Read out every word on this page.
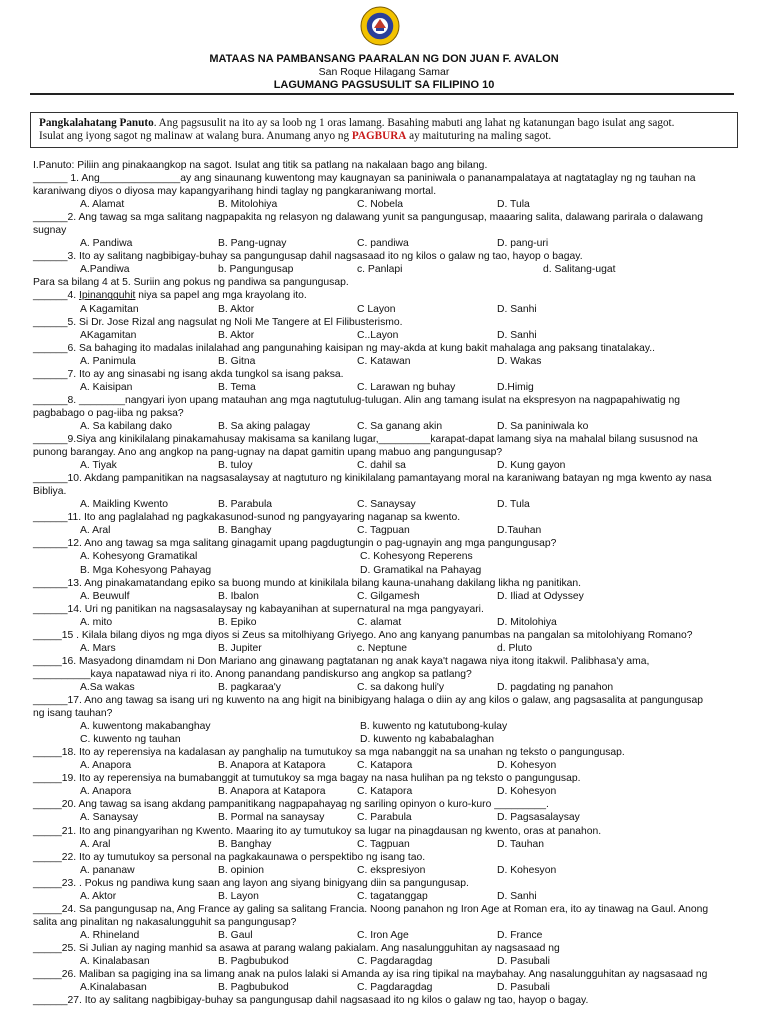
MATAAS NA PAMBANSANG PAARALAN NG DON JUAN F. AVALON
San Roque Hilagang Samar
LAGUMANG PAGSUSULIT SA FILIPINO 10
Pangkalahatang Panuto. Ang pagsusulit na ito ay sa loob ng 1 oras lamang. Basahing mabuti ang lahat ng katanungan bago isulat ang sagot.
Isulat ang iyong sagot ng malinaw at walang bura. Anumang anyo ng PAGBURA ay maituturing na maling sagot.
I.Panuto: Piliin ang pinakaangkop na sagot. Isulat ang titik sa patlang na nakalaan bago ang bilang.
______ 1. Ang______________ay ang sinaunang kuwentong may kaugnayan sa paniniwala o pananampalataya at nagtataglay ng ng tauhan na
karaniwang diyos o diyosa may kapangyarihang hindi taglay ng pangkaraniwang mortal.
A. Alamat	B. Mitolohiya	C. Nobela	D. Tula
______2. Ang tawag sa mga salitang nagpapakita ng relasyon ng dalawang yunit sa pangungusap, maaaring salita, dalawang parirala o dalawang
sugnay
A. Pandiwa	B. Pang-ugnay	C. pandiwa	D. pang-uri
______3. Ito ay salitang nagbibigay-buhay sa pangungusap dahil nagsasaad ito ng kilos o galaw ng tao, hayop o bagay.
A.Pandiwa	b. Pangungusap	c. Panlapi	d. Salitang-ugat
Para sa bilang 4 at 5. Suriin ang pokus ng pandiwa sa pangungusap.
______4. Ipinangguhit niya sa papel ang mga krayolang ito.
A Kagamitan	B. Aktor	C Layon	D. Sanhi
______5. Si Dr. Jose Rizal ang nagsulat ng Noli Me Tangere at El Filibusterismo.
AKagamitan	B. Aktor	C..Layon	D. Sanhi
______6. Sa bahaging ito madalas inilalahad ang pangunahing kaisipan ng may-akda at kung bakit mahalaga ang paksang tinatalakay..
A. Panimula	B. Gitna	C. Katawan	D. Wakas
______7. Ito ay ang sinasabi ng isang akda tungkol sa isang paksa.
A. Kaisipan	B. Tema	C. Larawan ng buhay	D.Himig
______8. ________nangyari iyon upang matauhan ang mga nagtutulug-tulugan. Alin ang tamang isulat na ekspresyon na nagpapahiwatig ng
pagbabago o pag-iiba ng paksa?
A. Sa kabilang dako	B. Sa aking palagay	C. Sa ganang akin	D. Sa paniniwala ko
______9.Siya ang kinikilalang pinakamahusay makisama sa kanilang lugar,_________karapat-dapat lamang siya na mahalal bilang sususnod na
punong barangay. Ano ang angkop na pang-ugnay na dapat gamitin upang mabuo ang pangungusap?
A. Tiyak	B. tuloy	C. dahil sa	D. Kung gayon
______10. Akdang pampanitikan na nagsasalaysay at nagtuturo ng kinikilalang pamantayang moral na karaniwang batayan ng mga kwento ay nasa
Bibliya.
A. Maikling Kwento	B. Parabula	C. Sanaysay	D. Tula
______11. Ito ang paglalahad ng pagkakasunod-sunod ng pangyayaring naganap sa kwento.
A. Aral	B. Banghay	C. Tagpuan	D.Tauhan
______12. Ano ang tawag sa mga salitang ginagamit upang pagdugtungin o pag-ugnayin ang mga pangungusap?
A. Kohesyong Gramatikal	C. Kohesyong Reperens
B. Mga Kohesyong Pahayag	D. Gramatikal na Pahayag
______13. Ang pinakamatandang epiko sa buong mundo at kinikilala bilang kauna-unahang dakilang likha ng panitikan.
A. Beuwulf	B. Ibalon	C. Gilgamesh	D. Iliad at Odyssey
______14. Uri ng panitikan na nagsasalaysay ng kabayanihan at supernatural na mga pangyayari.
A. mito	B. Epiko	C. alamat	D. Mitolohiya
_____15 . Kilala bilang diyos ng mga diyos si Zeus sa mitolhiyang Griyego. Ano ang kanyang panumbas na pangalan sa mitolohiyang Romano?
A. Mars	B. Jupiter	c. Neptune	d. Pluto
_____16. Masyadong dinamdam ni Don Mariano ang ginawang pagtatanan ng anak kaya't nagawa niya itong itakwil. Palibhasa'y ama,
__________kaya napatawad niya ri ito. Anong panandang pandiskurso ang angkop sa patlang?
A.Sa wakas	B. pagkaraa'y	C. sa dakong huli'y	D. pagdating ng panahon
______17. Ano ang tawag sa isang uri ng kuwento na ang higit na binibigyang halaga o diin ay ang kilos o galaw, ang pagsasalita at pangungusap
ng isang tauhan?
A. kuwentong makabanghay	B. kuwento ng katutubong-kulay
C. kuwento ng tauhan	D. kuwento ng kababalaghan
_____18. Ito ay reperensiya na kadalasan ay panghalip na tumutukoy sa mga nabanggit na sa unahan ng teksto o pangungusap.
A. Anapora	B. Anapora at Katapora	C. Katapora	D. Kohesyon
_____19. Ito ay reperensiya na bumabanggit at tumutukoy sa mga bagay na nasa hulihan pa ng teksto o pangungusap.
A. Anapora	B. Anapora at Katapora	C. Katapora	D. Kohesyon
_____20. Ang tawag sa isang akdang pampanitikang nagpapahayag ng sariling opinyon o kuro-kuro _________.
A. Sanaysay	B. Pormal na sanaysay	C. Parabula	D. Pagsasalaysay
_____21. Ito ang pinangyarihan ng Kwento. Maaring ito ay tumutukoy sa lugar na pinagdausan ng kwento, oras at panahon.
A. Aral	B. Banghay	C. Tagpuan	D. Tauhan
_____22. Ito ay tumutukoy sa personal na pagkakaunawa o perspektibo ng isang tao.
A. pananaw	B. opinion	C. ekspresiyon	D. Kohesyon
_____23. . Pokus ng pandiwa kung saan ang layon ang siyang binigyang diin sa pangungusap.
A. Aktor	B. Layon	C. tagatanggap	D. Sanhi
_____24. Sa pangungusap na, Ang France ay galing sa salitang Francia. Noong panahon ng Iron Age at Roman era, ito ay tinawag na Gaul. Anong
salita ang pinalitan ng nakasalungguhit sa pangungusap?
A. Rhineland	B. Gaul	C. Iron Age	D. France
_____25. Si Julian ay naging manhid sa asawa at parang walang pakialam. Ang nasalungguhitan ay nagsasaad ng
A. Kinalabasan	B. Pagbubukod	C. Pagdaragdag	D. Pasubali
_____26. Maliban sa pagiging ina sa limang anak na pulos lalaki si Amanda ay isa ring tipikal na maybahay. Ang nasalungguhitan ay nagsasaad ng
A.Kinalabasan	B. Pagbubukod	C. Pagdaragdag	D. Pasubali
______27. Ito ay salitang nagbibigay-buhay sa pangungusap dahil nagsasaad ito ng kilos o galaw ng tao, hayop o bagay.
